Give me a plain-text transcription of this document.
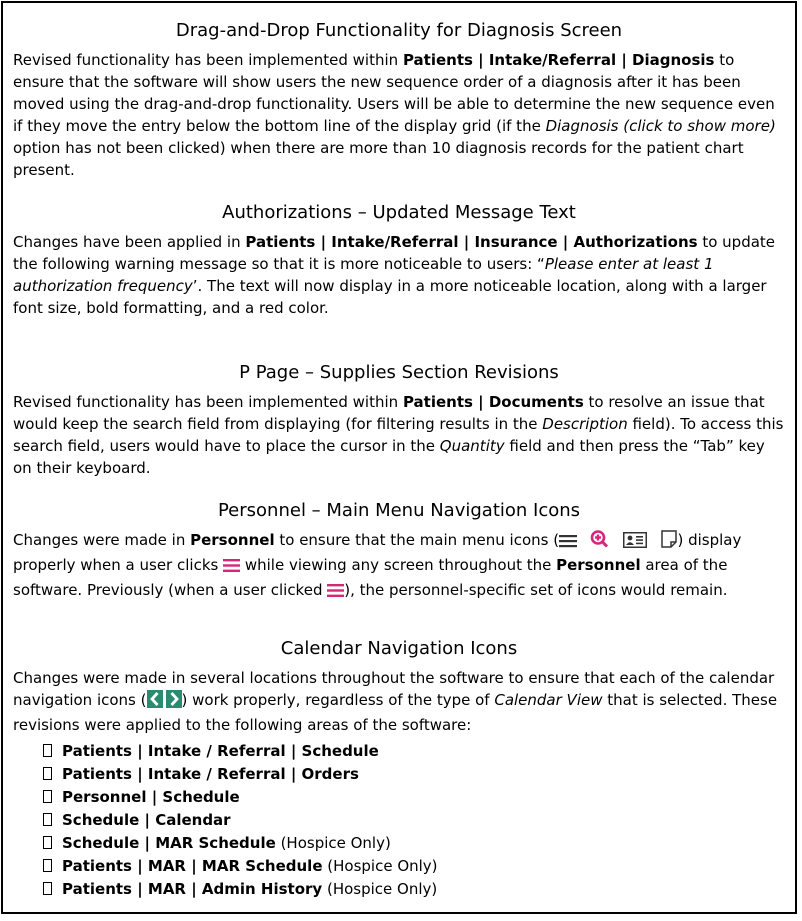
Drag-and-Drop Functionality for Diagnosis Screen

Revised functionality has been implemented within Patients | Intake/Referral | Diagnosis to ensure that the software will show users the new sequence order of a diagnosis after it has been moved using the drag-and-drop functionality. Users will be able to determine the new sequence even if they move the entry below the bottom line of the display grid (if the Diagnosis (click to show more) option has not been clicked) when there are more than 10 diagnosis records for the patient chart present.

Authorizations – Updated Message Text

Changes have been applied in Patients | Intake/Referral | Insurance | Authorizations to update the following warning message so that it is more noticeable to users: “Please enter at least 1 authorization frequency’. The text will now display in a more noticeable location, along with a larger font size, bold formatting, and a red color.

P Page – Supplies Section Revisions

Revised functionality has been implemented within Patients | Documents to resolve an issue that would keep the search field from displaying (for filtering results in the Description field). To access this search field, users would have to place the cursor in the Quantity field and then press the “Tab” key on their keyboard.

Personnel – Main Menu Navigation Icons

Changes were made in Personnel to ensure that the main menu icons (	) display properly when a user clicks  while viewing any screen throughout the Personnel area of the software. Previously (when a user clicked ), the personnel-specific set of icons would remain.

Calendar Navigation Icons

Changes were made in several locations throughout the software to ensure that each of the calendar navigation icons ( ) work properly, regardless of the type of Calendar View that is selected. These revisions were applied to the following areas of the software:

Patients | Intake / Referral | Schedule
Patients | Intake / Referral | Orders
Personnel | Schedule
Schedule | Calendar
Schedule | MAR Schedule (Hospice Only)
Patients | MAR | MAR Schedule (Hospice Only)
Patients | MAR | Admin History (Hospice Only)
